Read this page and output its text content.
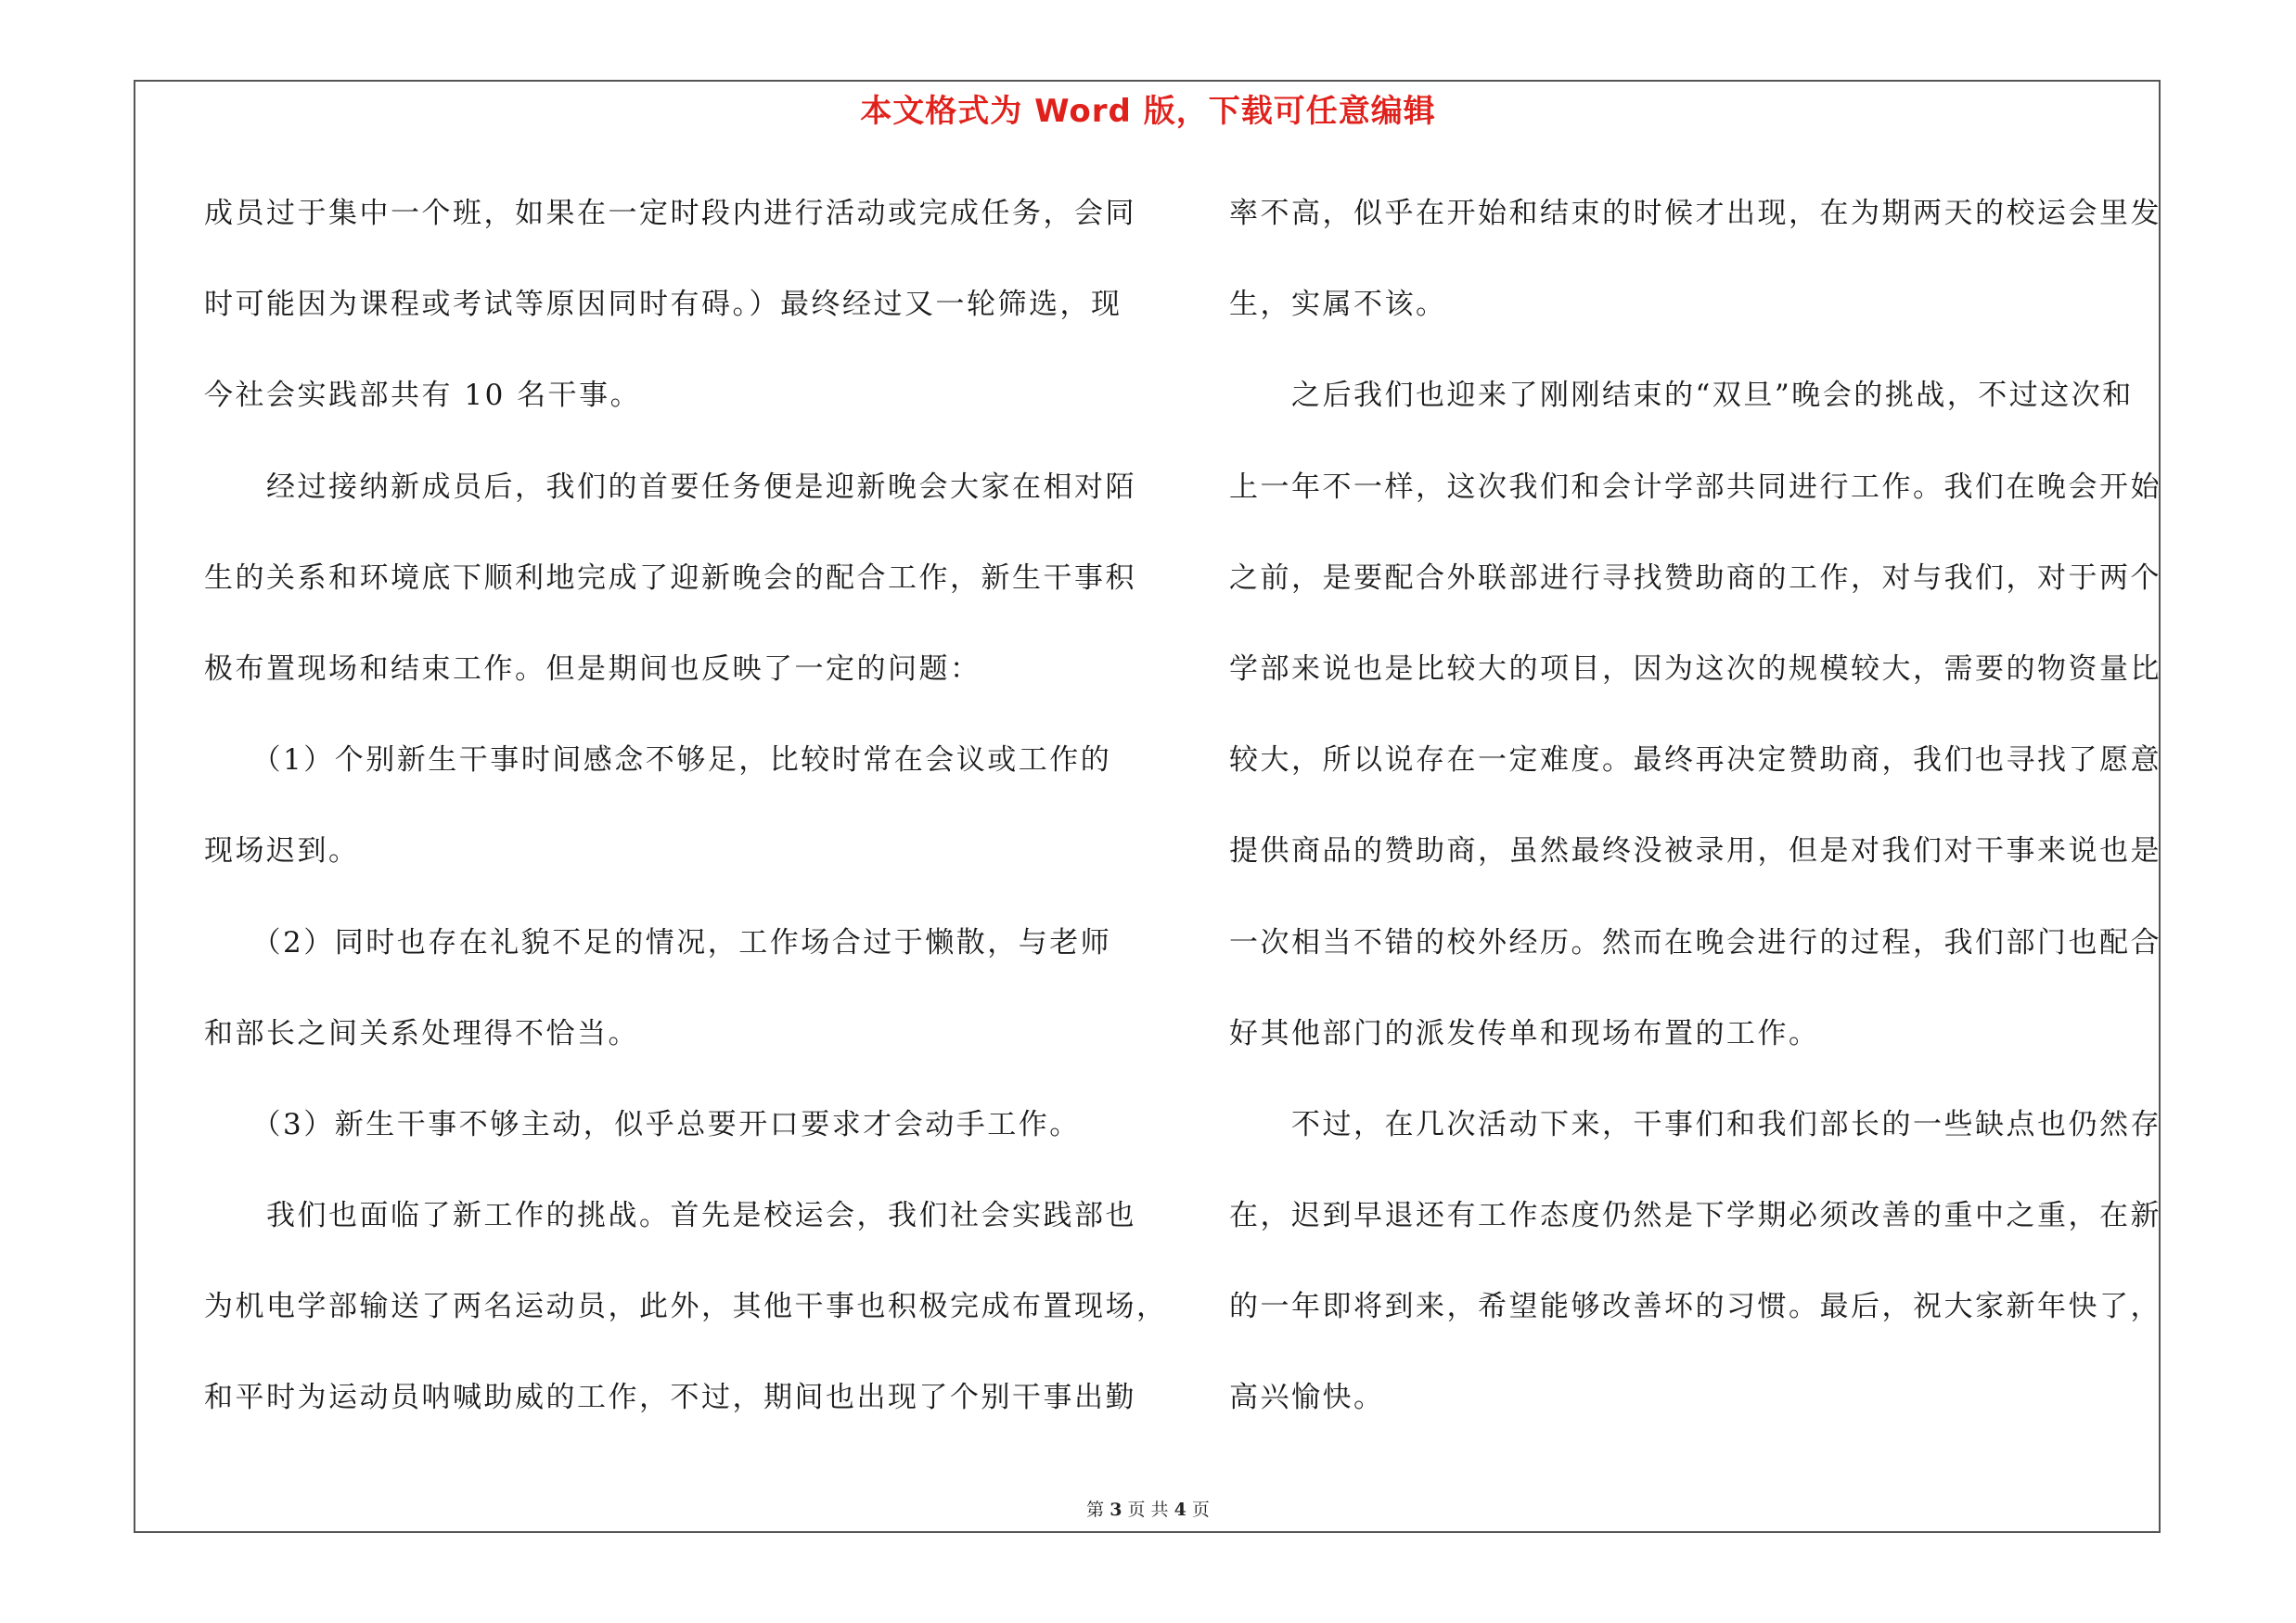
本文格式为 Word 版，下载可任意编辑
成员过于集中一个班，如果在一定时段内进行活动或完成任务，会同
时可能因为课程或考试等原因同时有碍。）最终经过又一轮筛选，现
今社会实践部共有 10 名干事。
　　经过接纳新成员后，我们的首要任务便是迎新晚会大家在相对陌
生的关系和环境底下顺利地完成了迎新晚会的配合工作，新生干事积
极布置现场和结束工作。但是期间也反映了一定的问题：
　　（1）个别新生干事时间感念不够足，比较时常在会议或工作的
现场迟到。
　　（2）同时也存在礼貌不足的情况，工作场合过于懒散，与老师
和部长之间关系处理得不恰当。
　　（3）新生干事不够主动，似乎总要开口要求才会动手工作。
　　我们也面临了新工作的挑战。首先是校运会，我们社会实践部也
为机电学部输送了两名运动员，此外，其他干事也积极完成布置现场，
和平时为运动员呐喊助威的工作，不过，期间也出现了个别干事出勤
率不高，似乎在开始和结束的时候才出现，在为期两天的校运会里发
生，实属不该。
　　之后我们也迎来了刚刚结束的“双旦”晚会的挑战，不过这次和
上一年不一样，这次我们和会计学部共同进行工作。我们在晚会开始
之前，是要配合外联部进行寻找赞助商的工作，对与我们，对于两个
学部来说也是比较大的项目，因为这次的规模较大，需要的物资量比
较大，所以说存在一定难度。最终再决定赞助商，我们也寻找了愿意
提供商品的赞助商，虽然最终没被录用，但是对我们对干事来说也是
一次相当不错的校外经历。然而在晚会进行的过程，我们部门也配合
好其他部门的派发传单和现场布置的工作。
　　不过，在几次活动下来，干事们和我们部长的一些缺点也仍然存
在，迟到早退还有工作态度仍然是下学期必须改善的重中之重，在新
的一年即将到来，希望能够改善坏的习惯。最后，祝大家新年快了，
高兴愉快。
第 3 页 共 4 页
